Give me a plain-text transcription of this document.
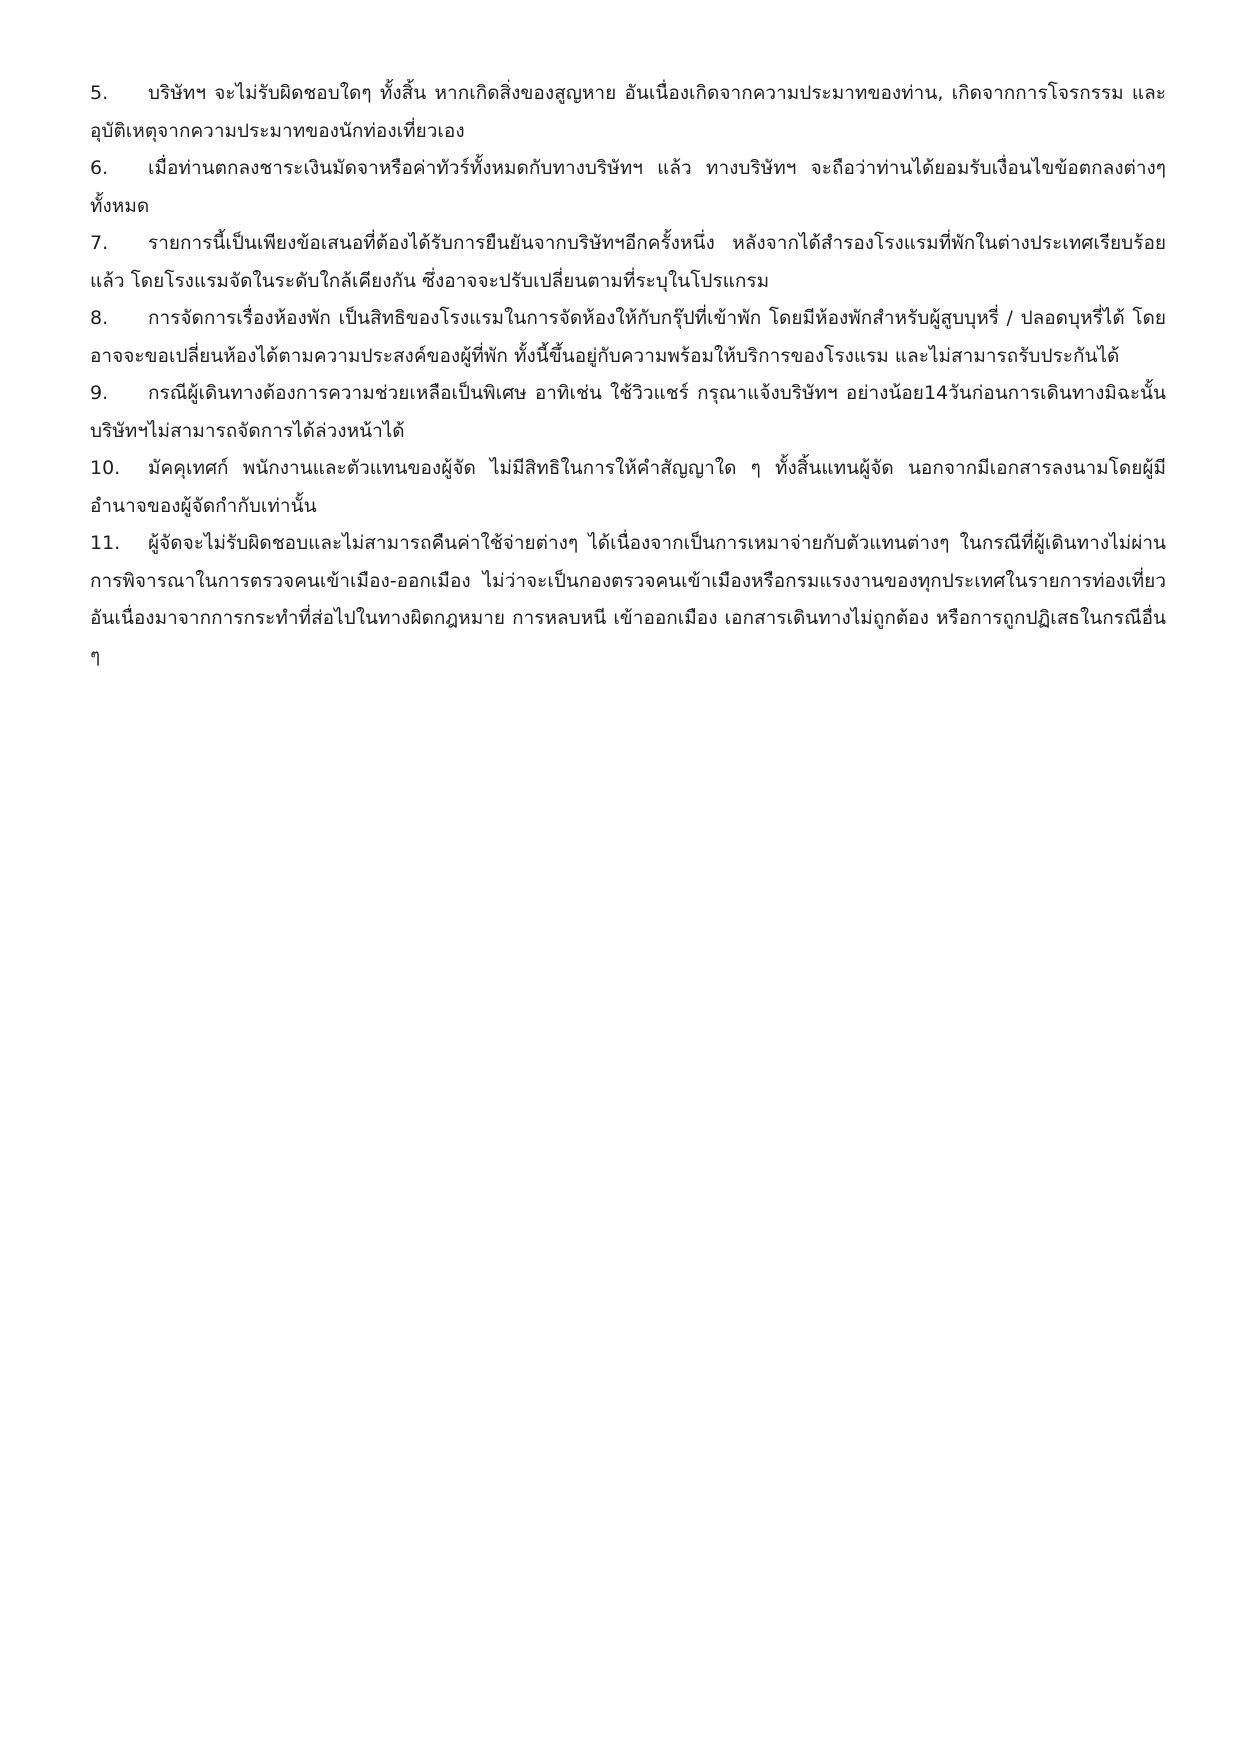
5. บริษัทฯ จะไม่รับผิดชอบใดๆ ทั้งสิ้น หากเกิดสิ่งของสูญหาย อันเนื่องเกิดจากความประมาทของท่าน, เกิดจากการโจรกรรม และ อุบัติเหตุจากความประมาทของนักท่องเที่ยวเอง

6. เมื่อท่านตกลงชาระเงินมัดจาหรือค่าทัวร์ทั้งหมดกับทางบริษัทฯ แล้ว ทางบริษัทฯ จะถือว่าท่านได้ยอมรับเงื่อนไขข้อตกลงต่างๆ ทั้งหมด

7. รายการนี้เป็นเพียงข้อเสนอที่ต้องได้รับการยืนยันจากบริษัทฯอีกครั้งหนึ่ง หลังจากได้สำรองโรงแรมที่พักในต่างประเทศเรียบร้อยแล้ว โดยโรงแรมจัดในระดับใกล้เคียงกัน ซึ่งอาจจะปรับเปลี่ยนตามที่ระบุในโปรแกรม

8. การจัดการเรื่องห้องพัก เป็นสิทธิของโรงแรมในการจัดห้องให้กับกรุ๊ปที่เข้าพัก โดยมีห้องพักสำหรับผู้สูบบุหรี่ / ปลอดบุหรี่ได้ โดยอาจจะขอเปลี่ยนห้องได้ตามความประสงค์ของผู้ที่พัก ทั้งนี้ขึ้นอยู่กับความพร้อมให้บริการของโรงแรม และไม่สามารถรับประกันได้

9. กรณีผู้เดินทางต้องการความช่วยเหลือเป็นพิเศษ อาทิเช่น ใช้วิวแชร์ กรุณาแจ้งบริษัทฯ อย่างน้อย14วันก่อนการเดินทางมิฉะนั้น บริษัทฯไม่สามารถจัดการได้ล่วงหน้าได้

10. มัคคุเทศก์ พนักงานและตัวแทนของผู้จัด ไม่มีสิทธิในการให้คำสัญญาใด ๆ ทั้งสิ้นแทนผู้จัด นอกจากมีเอกสารลงนามโดยผู้มีอำนาจของผู้จัดกำกับเท่านั้น

11. ผู้จัดจะไม่รับผิดชอบและไม่สามารถคืนค่าใช้จ่ายต่างๆ ได้เนื่องจากเป็นการเหมาจ่ายกับตัวแทนต่างๆ ในกรณีที่ผู้เดินทางไม่ผ่านการพิจารณาในการตรวจคนเข้าเมือง-ออกเมือง ไม่ว่าจะเป็นกองตรวจคนเข้าเมืองหรือกรมแรงงานของทุกประเทศในรายการท่องเที่ยว อันเนื่องมาจากการกระทำที่ส่อไปในทางผิดกฎหมาย การหลบหนี เข้าออกเมือง เอกสารเดินทางไม่ถูกต้อง หรือการถูกปฏิเสธในกรณีอื่น ๆ
